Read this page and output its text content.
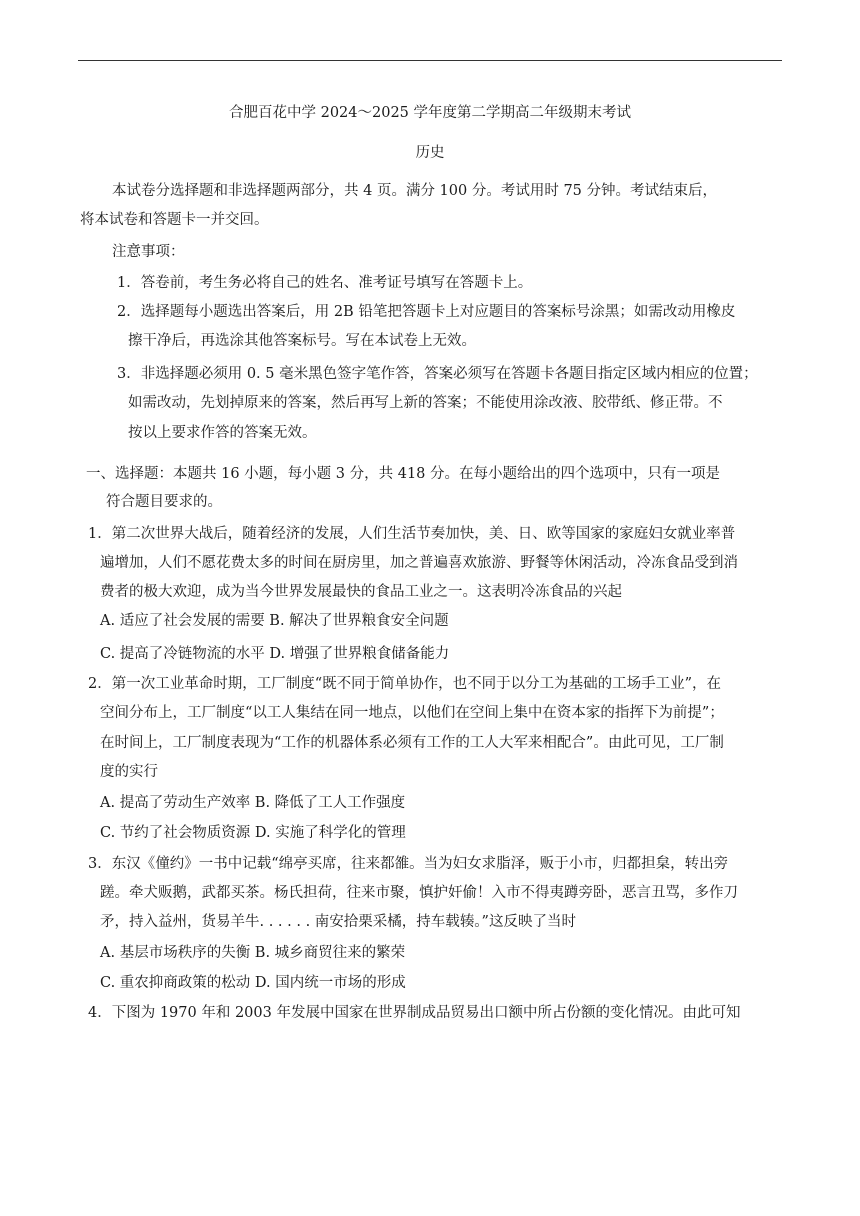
合肥百花中学 2024～2025 学年度第二学期高二年级期末考试
历史
本试卷分选择题和非选择题两部分，共 4 页。满分 100 分。考试用时 75 分钟。考试结束后，
将本试卷和答题卡一并交回。
注意事项：
1．答卷前，考生务必将自己的姓名、准考证号填写在答题卡上。
2．选择题每小题选出答案后，用 2B 铅笔把答题卡上对应题目的答案标号涂黑；如需改动用橡皮
擦干净后，再选涂其他答案标号。写在本试卷上无效。
3．非选择题必须用 0. 5 毫米黑色签字笔作答，答案必须写在答题卡各题目指定区域内相应的位置；
如需改动，先划掉原来的答案，然后再写上新的答案；不能使用涂改液、胶带纸、修正带。不
按以上要求作答的答案无效。
一、选择题：本题共 16 小题，每小题 3 分，共 418 分。在每小题给出的四个选项中，只有一项是
符合题目要求的。
1．第二次世界大战后，随着经济的发展，人们生活节奏加快，美、日、欧等国家的家庭妇女就业率普
遍增加，人们不愿花费太多的时间在厨房里，加之普遍喜欢旅游、野餐等休闲活动，冷冻食品受到消
费者的极大欢迎，成为当今世界发展最快的食品工业之一。这表明冷冻食品的兴起
A. 适应了社会发展的需要 B. 解决了世界粮食安全问题
C. 提高了冷链物流的水平 D. 增强了世界粮食储备能力
2．第一次工业革命时期，工厂制度“既不同于简单协作，也不同于以分工为基础的工场手工业”，在
空间分布上，工厂制度“以工人集结在同一地点，以他们在空间上集中在资本家的指挥下为前提”；
在时间上，工厂制度表现为“工作的机器体系必须有工作的工人大军来相配合”。由此可见，工厂制
度的实行
A. 提高了劳动生产效率 B. 降低了工人工作强度
C. 节约了社会物质资源 D. 实施了科学化的管理
3．东汉《僮约》一书中记载“绵亭买席，往来都雒。当为妇女求脂泽，贩于小市，归都担枲，转出旁
蹉。牵犬贩鹅，武都买茶。杨氏担荷，往来市聚，慎护奸偷！入市不得夷蹲旁卧，恶言丑骂，多作刀
矛，持入益州，货易羊牛. . . . . . 南安拾栗采橘，持车载辏。”这反映了当时
A. 基层市场秩序的失衡 B. 城乡商贸往来的繁荣
C. 重农抑商政策的松动 D. 国内统一市场的形成
4．下图为 1970 年和 2003 年发展中国家在世界制成品贸易出口额中所占份额的变化情况。由此可知
